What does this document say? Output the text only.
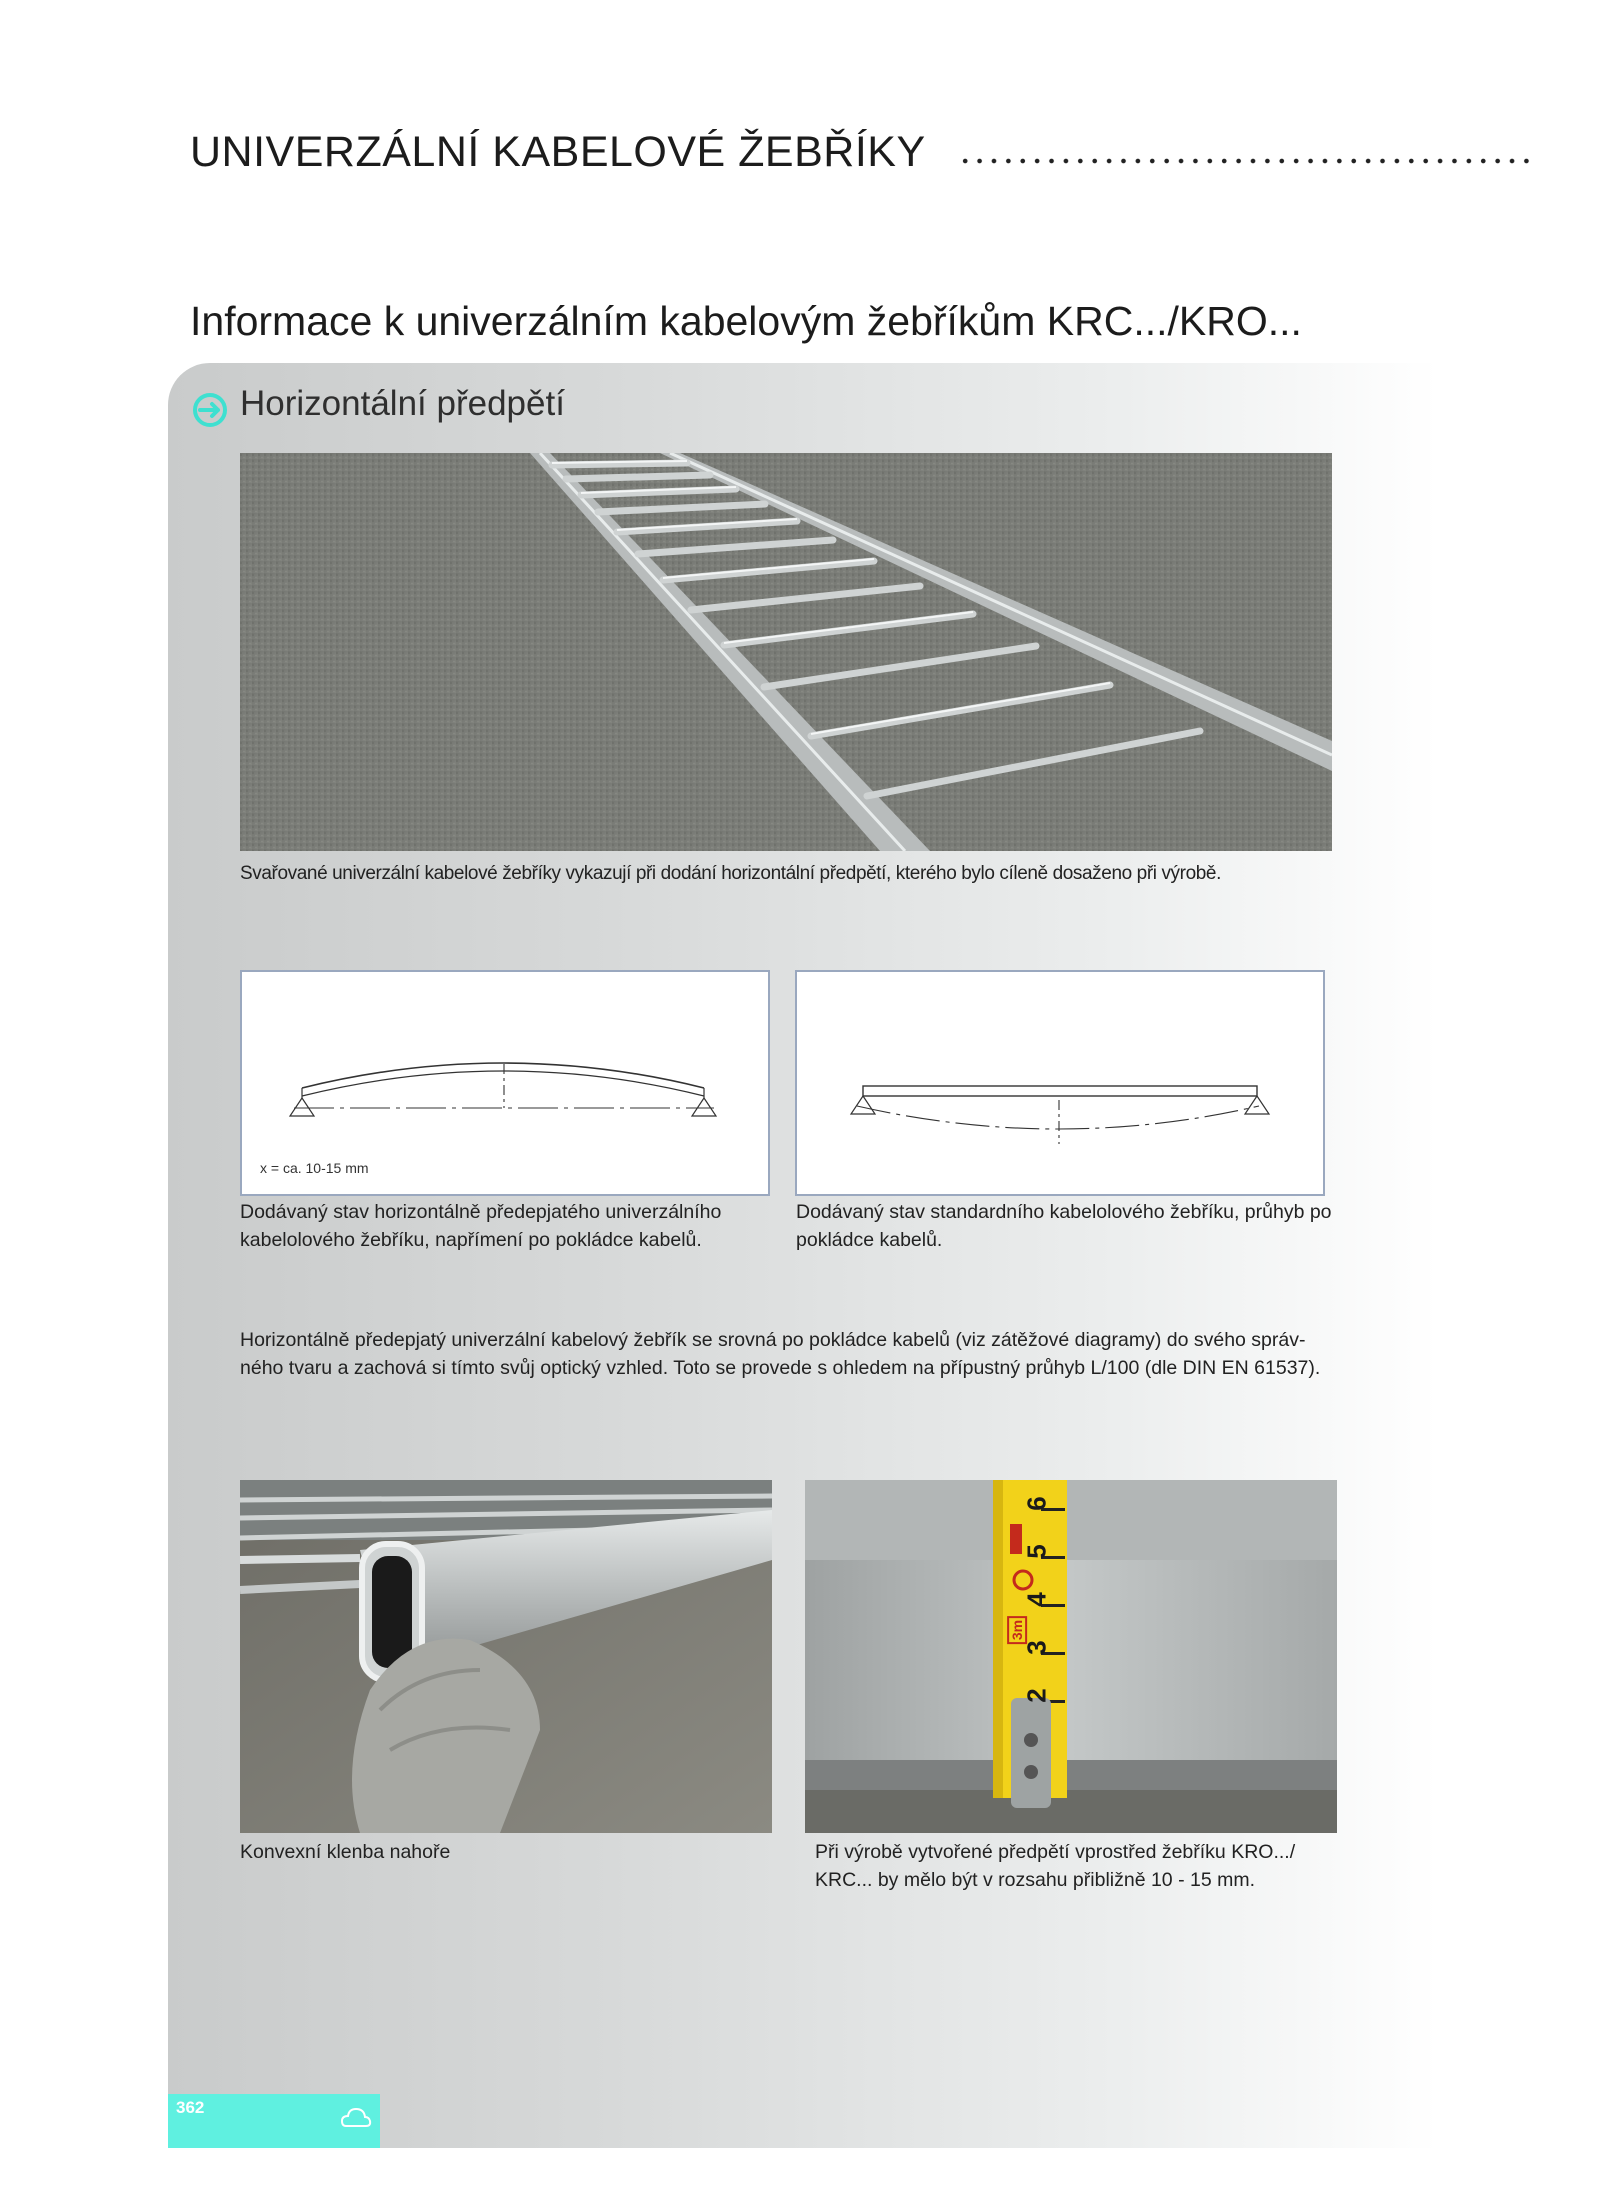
UNIVERZÁLNÍ KABELOVÉ ŽEBŘÍKY
Informace k univerzálním kabelovým žebříkům KRC.../KRO...
Horizontální předpětí
Svařované univerzální kabelové žebříky vykazují při dodání horizontální předpětí, kterého bylo cíleně dosaženo při výrobě.
x = ca. 10-15 mm
Dodávaný stav horizontálně předepjatého univerzálního kabelolového žebříku, napřímení po pokládce kabelů.
Dodávaný stav standardního kabelolového žebříku, průhyb po pokládce kabelů.
Horizontálně předepjatý univerzální kabelový žebřík se srovná po pokládce kabelů (viz zátěžové diagramy) do svého správ-ného tvaru a zachová si tímto svůj optický vzhled. Toto se provede s ohledem na přípustný průhyb L/100 (dle DIN EN 61537).
Konvexní klenba nahoře
6
5
4
3m
3
2
Při výrobě vytvořené předpětí vprostřed žebříku KRO.../ KRC... by mělo být v rozsahu přibližně 10 - 15 mm.
362
